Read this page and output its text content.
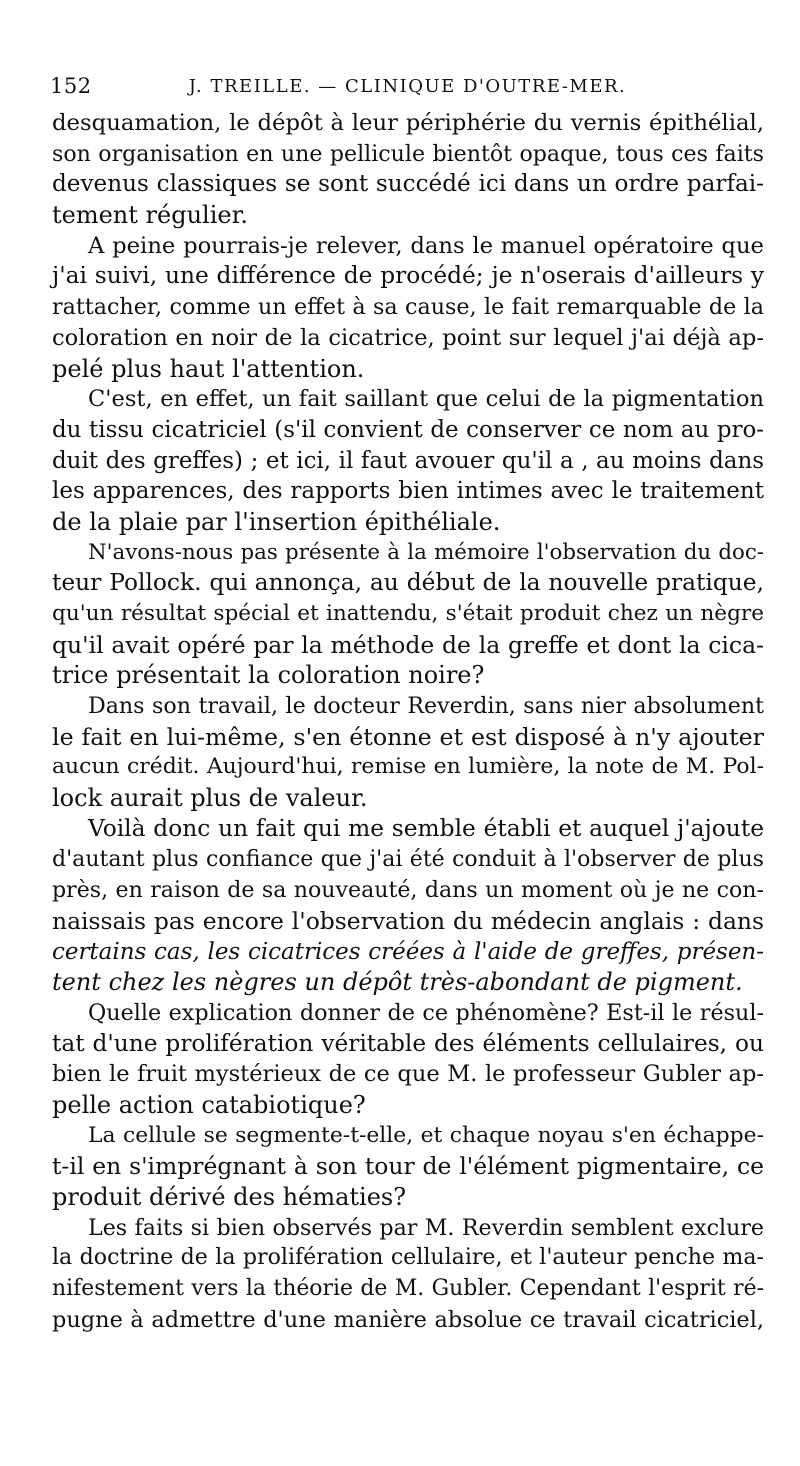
152	J. TREILLE. — CLINIQUE D'OUTRE-MER.
desquamation, le dépôt à leur périphérie du vernis épithélial,
son organisation en une pellicule bientôt opaque, tous ces faits
devenus classiques se sont succédé ici dans un ordre parfai-
tement régulier.
A peine pourrais-je relever, dans le manuel opératoire que
j'ai suivi, une différence de procédé; je n'oserais d'ailleurs y
rattacher, comme un effet à sa cause, le fait remarquable de la
coloration en noir de la cicatrice, point sur lequel j'ai déjà ap-
pelé plus haut l'attention.
C'est, en effet, un fait saillant que celui de la pigmentation
du tissu cicatriciel (s'il convient de conserver ce nom au pro-
duit des greffes) ; et ici, il faut avouer qu'il a , au moins dans
les apparences, des rapports bien intimes avec le traitement
de la plaie par l'insertion épithéliale.
N'avons-nous pas présente à la mémoire l'observation du doc-
teur Pollock. qui annonça, au début de la nouvelle pratique,
qu'un résultat spécial et inattendu, s'était produit chez un nègre
qu'il avait opéré par la méthode de la greffe et dont la cica-
trice présentait la coloration noire?
Dans son travail, le docteur Reverdin, sans nier absolument
le fait en lui-même, s'en étonne et est disposé à n'y ajouter
aucun crédit. Aujourd'hui, remise en lumière, la note de M. Pol-
lock aurait plus de valeur.
Voilà donc un fait qui me semble établi et auquel j'ajoute
d'autant plus confiance que j'ai été conduit à l'observer de plus
près, en raison de sa nouveauté, dans un moment où je ne con-
naissais pas encore l'observation du médecin anglais : dans
certains cas, les cicatrices créées à l'aide de greffes, présen-
tent chez les nègres un dépôt très-abondant de pigment.
Quelle explication donner de ce phénomène? Est-il le résul-
tat d'une prolifération véritable des éléments cellulaires, ou
bien le fruit mystérieux de ce que M. le professeur Gubler ap-
pelle action catabiotique?
La cellule se segmente-t-elle, et chaque noyau s'en échappe-
t-il en s'imprégnant à son tour de l'élément pigmentaire, ce
produit dérivé des hématies?
Les faits si bien observés par M. Reverdin semblent exclure
la doctrine de la prolifération cellulaire, et l'auteur penche ma-
nifestement vers la théorie de M. Gubler. Cependant l'esprit ré-
pugne à admettre d'une manière absolue ce travail cicatriciel,
